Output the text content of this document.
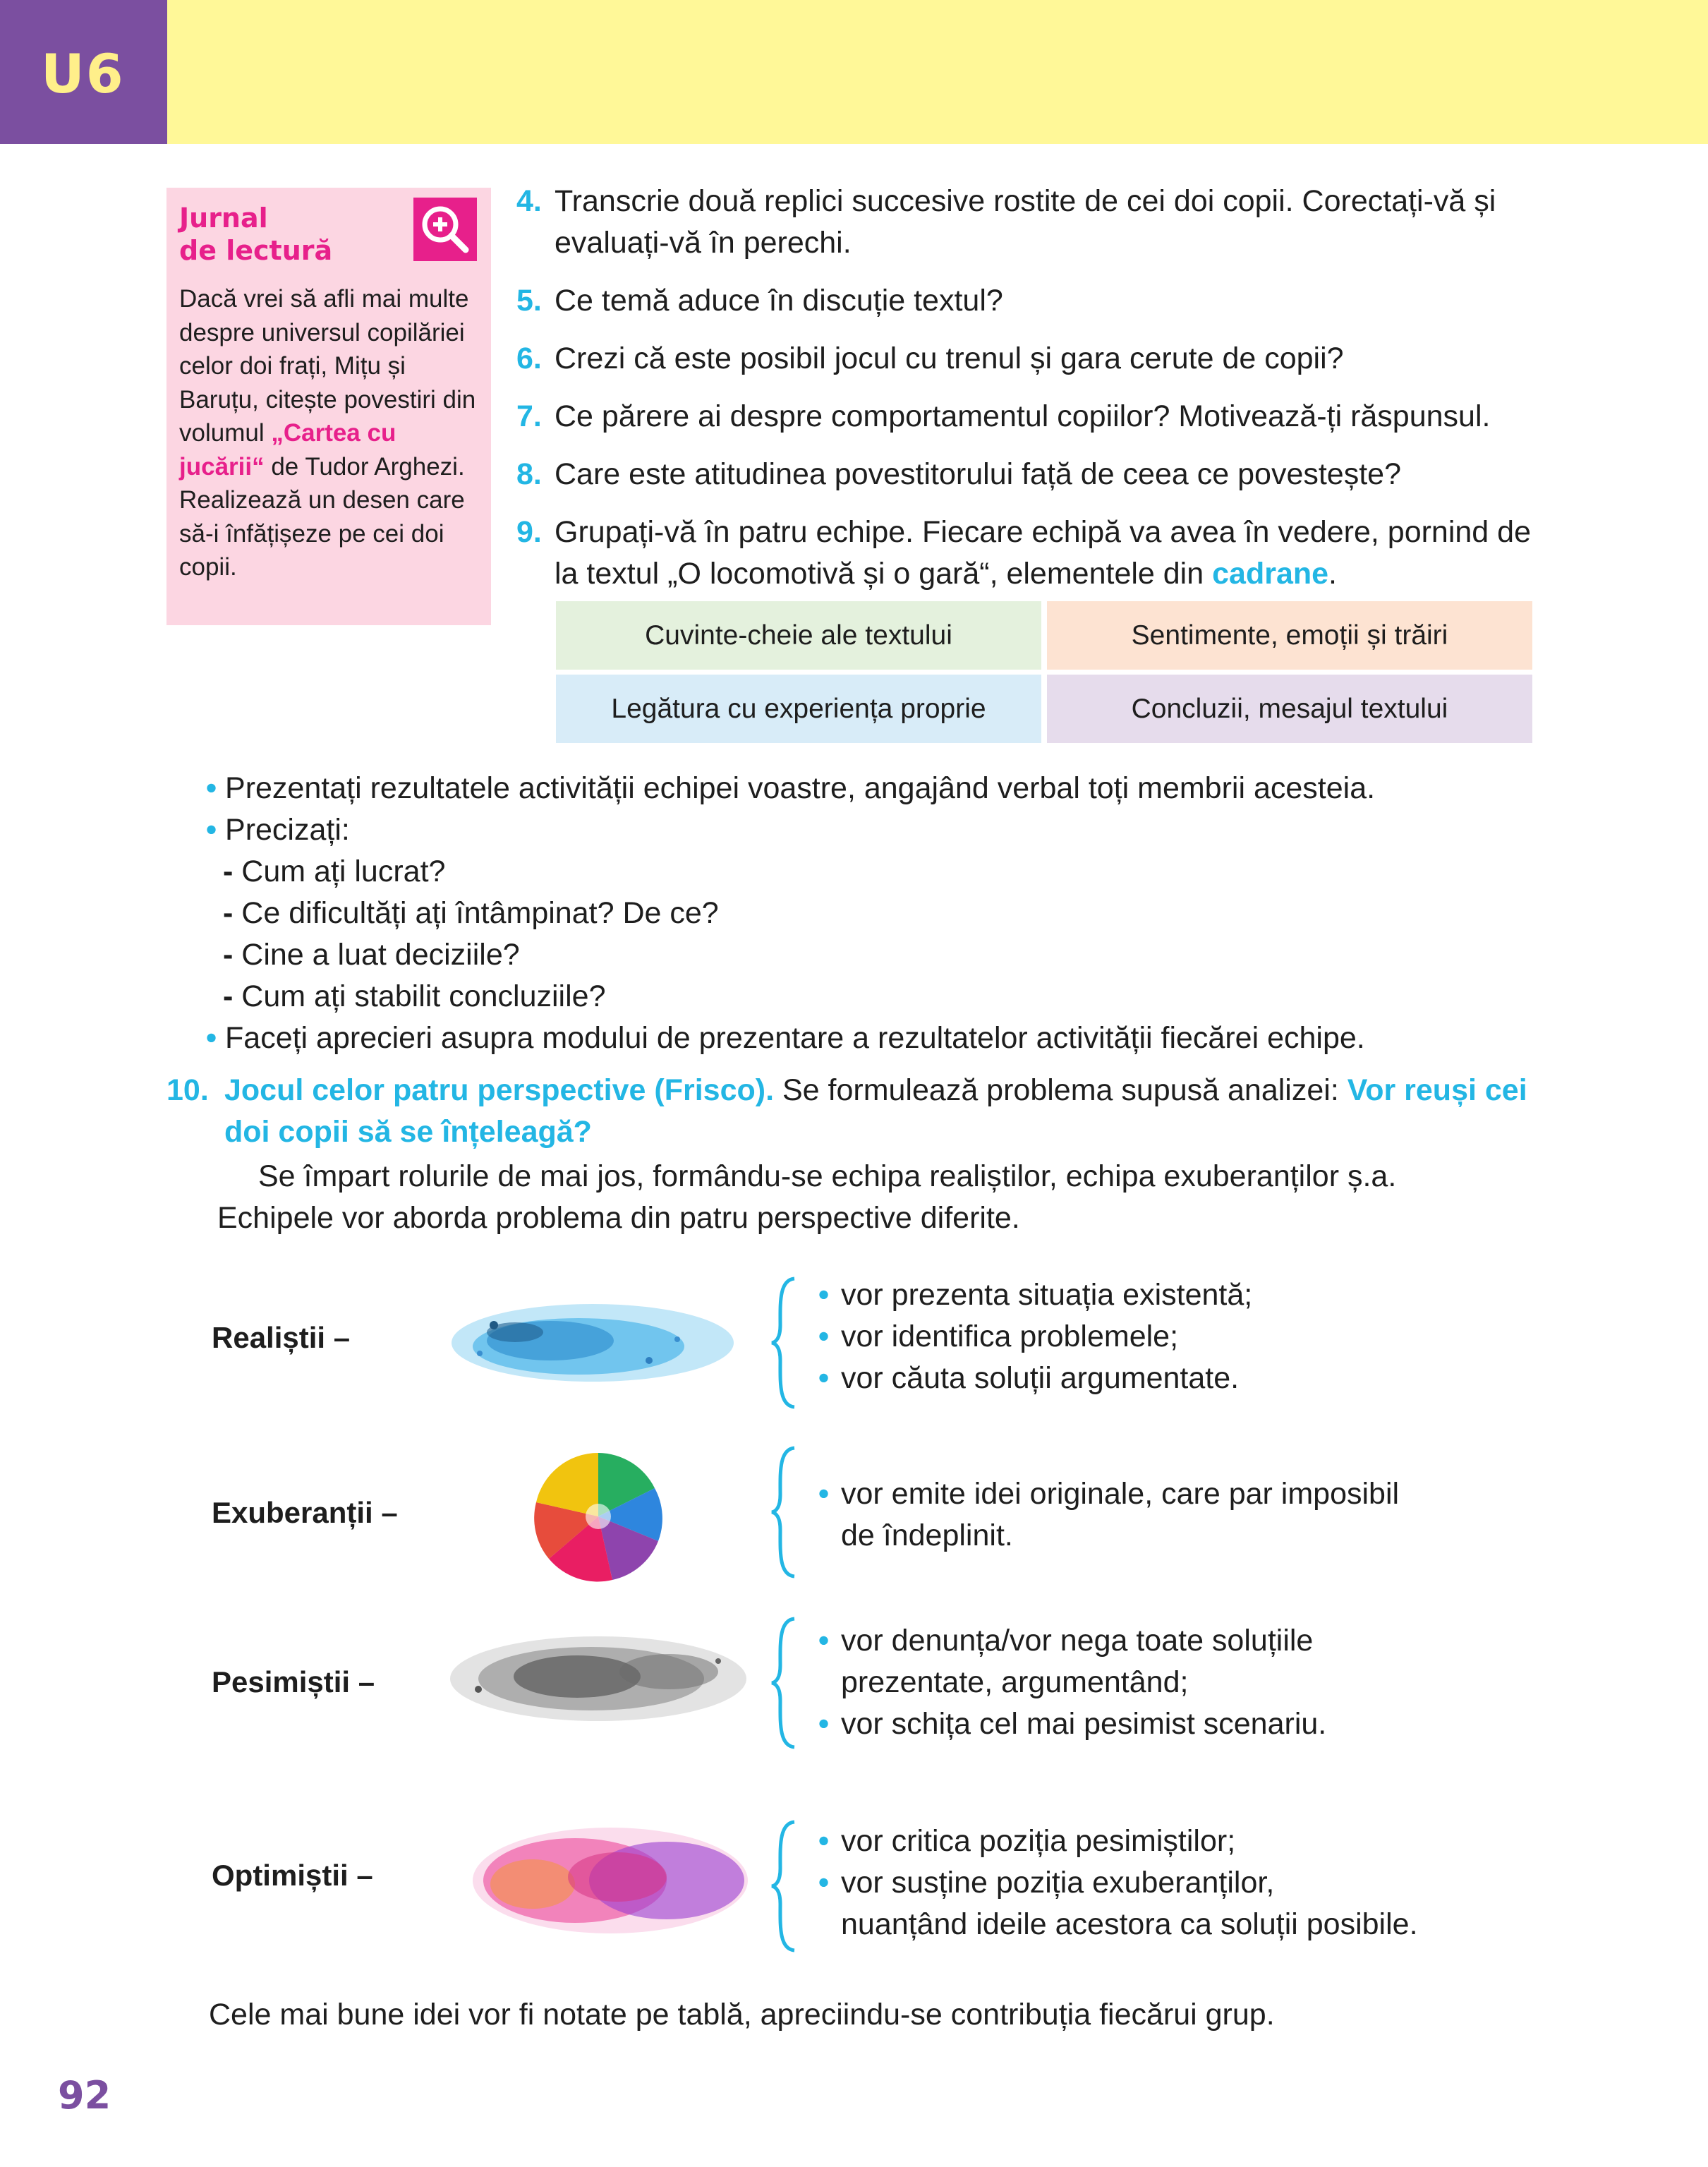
U6
Jurnal
de lectură
Dacă vrei să afli mai multe despre universul copilăriei celor doi frați, Mițu și Baruțu, citește povestiri din volumul „Cartea cu jucării“ de Tudor Arghezi. Realizează un desen care să-i înfățișeze pe cei doi copii.
4. Transcrie două replici succesive rostite de cei doi copii. Corectați-vă și evaluați-vă în perechi.
5. Ce temă aduce în discuție textul?
6. Crezi că este posibil jocul cu trenul și gara cerute de copii?
7. Ce părere ai despre comportamentul copiilor? Motivează-ți răspunsul.
8. Care este atitudinea povestitorului față de ceea ce povestește?
9. Grupați-vă în patru echipe. Fiecare echipă va avea în vedere, pornind de la textul „O locomotivă și o gară“, elementele din cadrane.
Cuvinte-cheie ale textului	Sentimente, emoții și trăiri
Legătura cu experiența proprie	Concluzii, mesajul textului
• Prezentați rezultatele activității echipei voastre, angajând verbal toți membrii acesteia.
• Precizați:
- Cum ați lucrat?
- Ce dificultăți ați întâmpinat? De ce?
- Cine a luat deciziile?
- Cum ați stabilit concluziile?
• Faceți aprecieri asupra modului de prezentare a rezultatelor activității fiecărei echipe.
10. Jocul celor patru perspective (Frisco). Se formulează problema supusă analizei: Vor reuși cei doi copii să se înțeleagă?
Se împart rolurile de mai jos, formându-se echipa realiștilor, echipa exuberanților ș.a.
Echipele vor aborda problema din patru perspective diferite.
Realiștii –
• vor prezenta situația existentă;
• vor identifica problemele;
• vor căuta soluții argumentate.
Exuberanții –
• vor emite idei originale, care par imposibil
de îndeplinit.
Pesimiștii –
• vor denunța/vor nega toate soluțiile
prezentate, argumentând;
• vor schița cel mai pesimist scenariu.
Optimiștii –
• vor critica poziția pesimiștilor;
• vor susține poziția exuberanților,
nuanțând ideile acestora ca soluții posibile.
Cele mai bune idei vor fi notate pe tablă, apreciindu-se contribuția fiecărui grup.
92
